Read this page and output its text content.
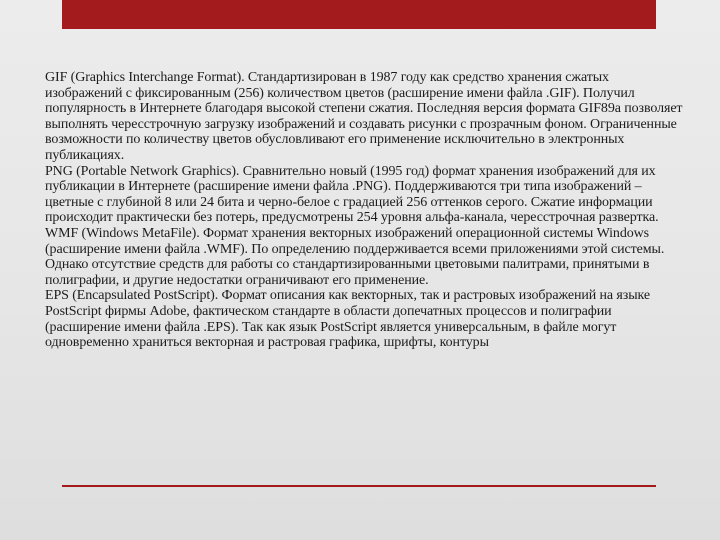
GIF (Graphics Interchange Format). Стандартизирован в 1987 году как средство хранения сжатых изображений с фиксированным (256) количеством цветов (расширение имени файла .GIF). Получил популярность в Интернете благодаря высокой степени сжатия. Последняя версия формата GIF89a позволяет выполнять чересстрочную загрузку изображений и создавать рисунки с прозрачным фоном. Ограниченные возможности по количеству цветов обусловливают его применение исключительно в электронных публикациях.

PNG (Portable Network Graphics). Сравнительно новый (1995 год) формат хранения изображений для их публикации в Интернете (расширение имени файла .PNG). Поддерживаются три типа изображений – цветные с глубиной 8 или 24 бита и черно-белое с градацией 256 оттенков серого. Сжатие информации происходит практически без потерь, предусмотрены 254 уровня альфа-канала, чересстрочная развертка.

WMF (Windows MetaFile). Формат хранения векторных изображений операционной системы Windows (расширение имени файла .WMF). По определению поддерживается всеми приложениями этой системы. Однако отсутствие средств для работы со стандартизированными цветовыми палитрами, принятыми в полиграфии, и другие недостатки ограничивают его применение.

EPS (Encapsulated PostScript). Формат описания как векторных, так и растровых изображений на языке PostScript фирмы Adobe, фактическом стандарте в области допечатных процессов и полиграфии (расширение имени файла .EPS). Так как язык PostScript является универсальным, в файле могут одновременно храниться векторная и растровая графика, шрифты, контуры
